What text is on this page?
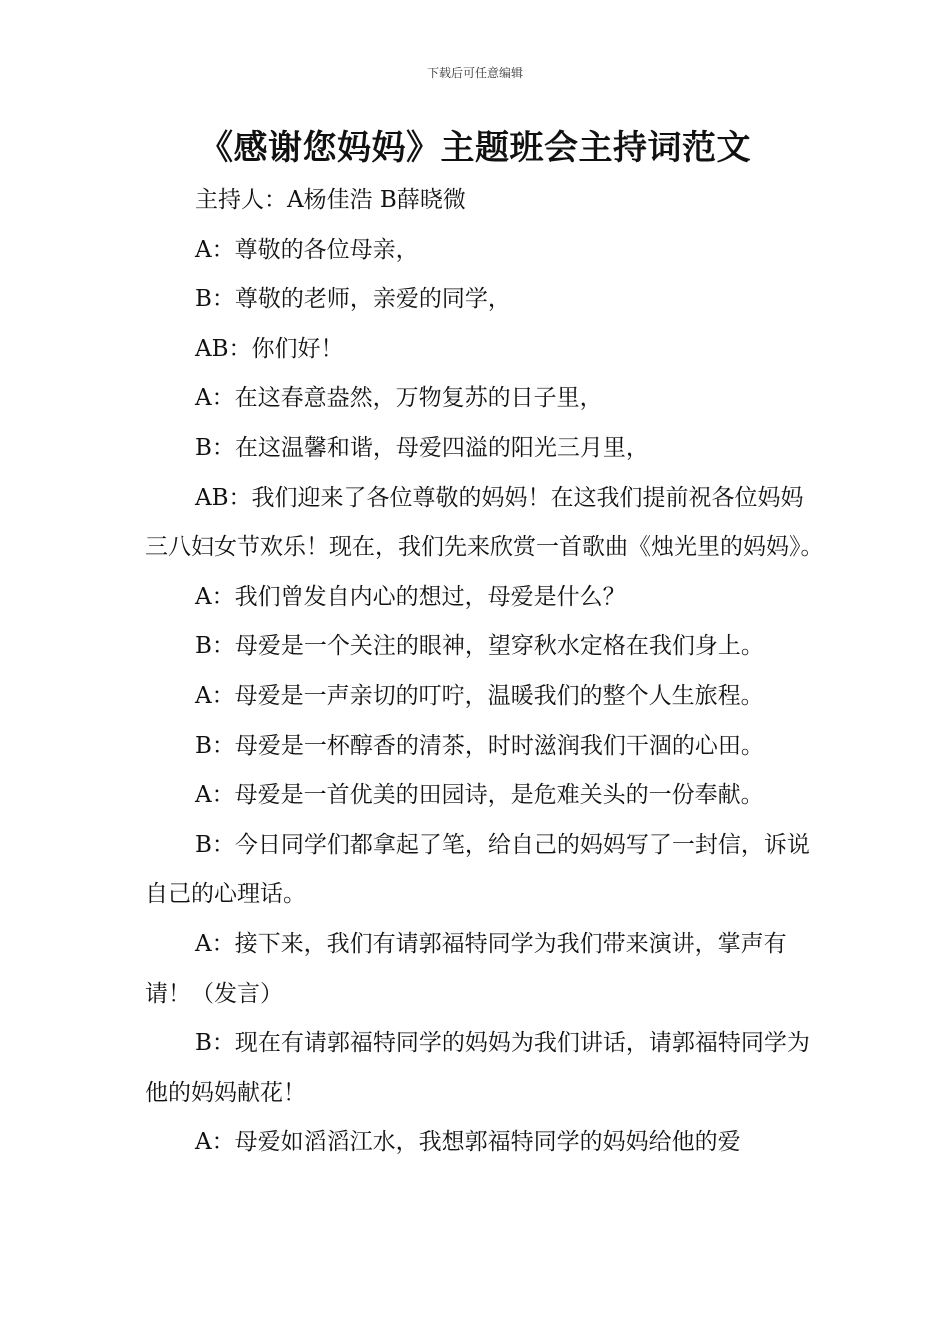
下载后可任意编辑
《感谢您妈妈》主题班会主持词范文

主持人：A杨佳浩 B薛晓微

A：尊敬的各位母亲，

B：尊敬的老师，亲爱的同学，

AB：你们好！

A：在这春意盎然，万物复苏的日子里，

B：在这温馨和谐，母爱四溢的阳光三月里，

AB：我们迎来了各位尊敬的妈妈！在这我们提前祝各位妈妈三八妇女节欢乐！现在，我们先来欣赏一首歌曲《烛光里的妈妈》。

A：我们曾发自内心的想过，母爱是什么？

B：母爱是一个关注的眼神，望穿秋水定格在我们身上。

A：母爱是一声亲切的叮咛，温暖我们的整个人生旅程。

B：母爱是一杯醇香的清茶，时时滋润我们干涸的心田。

A：母爱是一首优美的田园诗，是危难关头的一份奉献。

B：今日同学们都拿起了笔，给自己的妈妈写了一封信，诉说自己的心理话。

A：接下来，我们有请郭福特同学为我们带来演讲，掌声有请！（发言）

B：现在有请郭福特同学的妈妈为我们讲话，请郭福特同学为他的妈妈献花！

A：母爱如滔滔江水，我想郭福特同学的妈妈给他的爱
